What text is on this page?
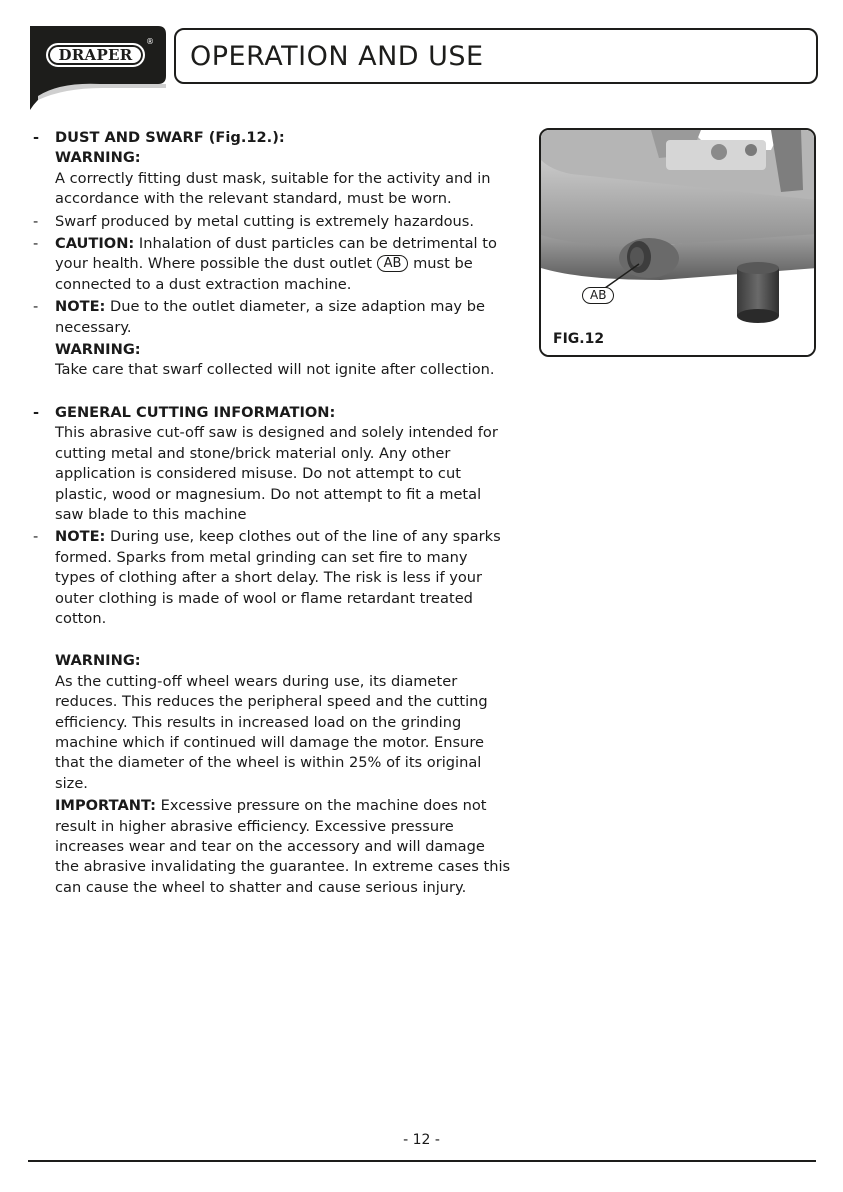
DRAPER
® OPERATION AND USE
- DUST AND SWARF (Fig.12.):
WARNING:
A correctly fitting dust mask, suitable for the activity and in accordance with the relevant standard, must be worn.
- Swarf produced by metal cutting is extremely hazardous.
- CAUTION: Inhalation of dust particles can be detrimental to your health. Where possible the dust outlet AB must be connected to a dust extraction machine.
- NOTE: Due to the outlet diameter, a size adaption may be necessary.
WARNING:
Take care that swarf collected will not ignite after collection.
- GENERAL CUTTING INFORMATION:
This abrasive cut-off saw is designed and solely intended for cutting metal and stone/brick material only. Any other application is considered misuse. Do not attempt to cut plastic, wood or magnesium. Do not attempt to fit a metal saw blade to this machine
- NOTE: During use, keep clothes out of the line of any sparks formed. Sparks from metal grinding can set fire to many types of clothing after a short delay. The risk is less if your outer clothing is made of wool or flame retardant treated cotton.
WARNING:
As the cutting-off wheel wears during use, its diameter reduces. This reduces the peripheral speed and the cutting efficiency. This results in increased load on the grinding machine which if continued will damage the motor. Ensure that the diameter of the wheel is within 25% of its original size.
IMPORTANT: Excessive pressure on the machine does not result in higher abrasive efficiency. Excessive pressure increases wear and tear on the accessory and will damage the abrasive invalidating the guarantee. In extreme cases this can cause the wheel to shatter and cause serious injury.
AB
FIG.12
- 12 -
